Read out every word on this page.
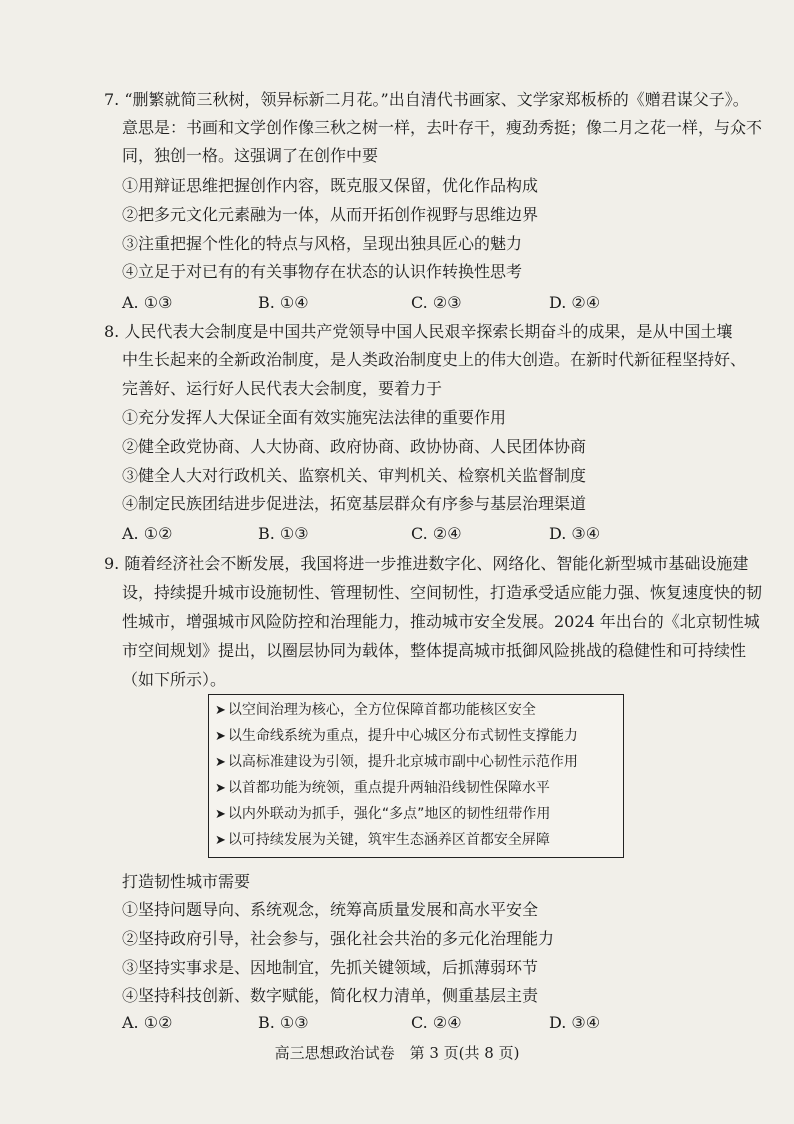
7. “删繁就简三秋树，领异标新二月花。”出自清代书画家、文学家郑板桥的《赠君谋父子》。
意思是：书画和文学创作像三秋之树一样，去叶存干，瘦劲秀挺；像二月之花一样，与众不
同，独创一格。这强调了在创作中要
①用辩证思维把握创作内容，既克服又保留，优化作品构成
②把多元文化元素融为一体，从而开拓创作视野与思维边界
③注重把握个性化的特点与风格，呈现出独具匠心的魅力
④立足于对已有的有关事物存在状态的认识作转换性思考
A. ①③	B. ①④	C. ②③	D. ②④
8. 人民代表大会制度是中国共产党领导中国人民艰辛探索长期奋斗的成果，是从中国土壤
中生长起来的全新政治制度，是人类政治制度史上的伟大创造。在新时代新征程坚持好、
完善好、运行好人民代表大会制度，要着力于
①充分发挥人大保证全面有效实施宪法法律的重要作用
②健全政党协商、人大协商、政府协商、政协协商、人民团体协商
③健全人大对行政机关、监察机关、审判机关、检察机关监督制度
④制定民族团结进步促进法，拓宽基层群众有序参与基层治理渠道
A. ①②	B. ①③	C. ②④	D. ③④
9. 随着经济社会不断发展，我国将进一步推进数字化、网络化、智能化新型城市基础设施建
设，持续提升城市设施韧性、管理韧性、空间韧性，打造承受适应能力强、恢复速度快的韧
性城市，增强城市风险防控和治理能力，推动城市安全发展。2024 年出台的《北京韧性城
市空间规划》提出，以圈层协同为载体，整体提高城市抵御风险挑战的稳健性和可持续性
（如下所示）。
➤ 以空间治理为核心，全方位保障首都功能核区安全
➤ 以生命线系统为重点，提升中心城区分布式韧性支撑能力
➤ 以高标准建设为引领，提升北京城市副中心韧性示范作用
➤ 以首都功能为统领，重点提升两轴沿线韧性保障水平
➤ 以内外联动为抓手，强化“多点”地区的韧性纽带作用
➤ 以可持续发展为关键，筑牢生态涵养区首都安全屏障
打造韧性城市需要
①坚持问题导向、系统观念，统筹高质量发展和高水平安全
②坚持政府引导，社会参与，强化社会共治的多元化治理能力
③坚持实事求是、因地制宜，先抓关键领域，后抓薄弱环节
④坚持科技创新、数字赋能，简化权力清单，侧重基层主责
A. ①②	B. ①③	C. ②④	D. ③④
高三思想政治试卷　第 3 页(共 8 页)
